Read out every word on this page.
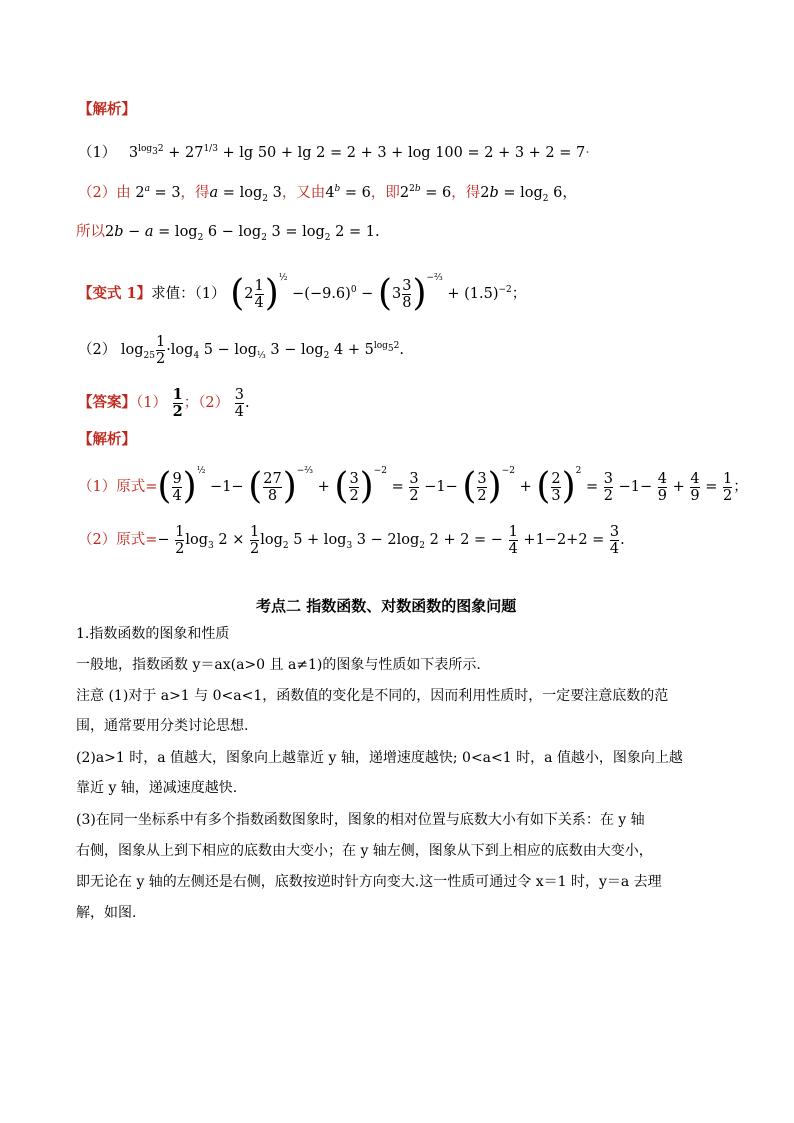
【解析】
（1） $3^{log_32} + 27^{1/3} + \lg 50 + \lg 2 = 2 + 3 + \log 100 = 2 + 3 + 2 = 7\cdot$
（2）由 $2^a = 3$，得$a = \log_2 3$，又由$4^b = 6$，即$2^{2b} = 6$，得$2b = \log_2 6$，
所以$2b - a = \log_2 6 - \log_2 3 = \log_2 2 = 1$.
【变式 1】求值：（1） $(2 \frac{1}{4} )^{\frac{1}{2}} -(-9.6)^0 - (3 \frac{3}{8} )^{-\frac{2}{3}} + (1.5)^{-2}$；
（2） $\log_{25} \frac{1}{2} \cdot\log_4$ $5 - \log_{\frac{1}{3}} 3 - \log_2 4 + 5^{log_52}$.
【答案】$(1) \frac{1}{2}$ ；$(2) \frac{3}{4}$ .
【解析】
（1）原式=( $\frac{9}{4} )^{\frac{1}{2}} -1-$ ( $\frac{27}{8} )^{-\frac{2}{3}}$ + ( $\frac{3}{2} )^{-2} = \frac{3}{2} -1-$ ( $\frac{3}{2} )^{-2}$ + ( $\frac{2}{3} )^2 = \frac{3}{2} -1- \frac{4}{9} + \frac{4}{9} = \frac{1}{2}$ ；
（2）原式=− $\frac{1}{2} \log_3 2 \times \frac{1}{2} \log_2 5 + \log_3 3 - 2\log_2$ 2 + 2 = − $\frac{1}{4} +1-2+2 = \frac{3}{4}$ .
考点二 指数函数、对数函数的图象问题
1.指数函数的图象和性质
一般地，指数函数 y＝ax(a>0 且 a≠1)的图象与性质如下表所示.
注意 (1)对于 a>1 与 0<a<1，函数值的变化是不同的，因而利用性质时，一定要注意底数的范
围，通常要用分类讨论思想.
(2)a>1 时，a 值越大，图象向上越靠近 y 轴，递增速度越快; 0<a<1 时，a 值越小，图象向上越
靠近 y 轴，递减速度越快.
(3)在同一坐标系中有多个指数函数图象时，图象的相对位置与底数大小有如下关系：在 y 轴
右侧，图象从上到下相应的底数由大变小；在 y 轴左侧，图象从下到上相应的底数由大变小，
即无论在 y 轴的左侧还是右侧，底数按逆时针方向变大.这一性质可通过令 x＝1 时，y＝a 去理
解，如图.
